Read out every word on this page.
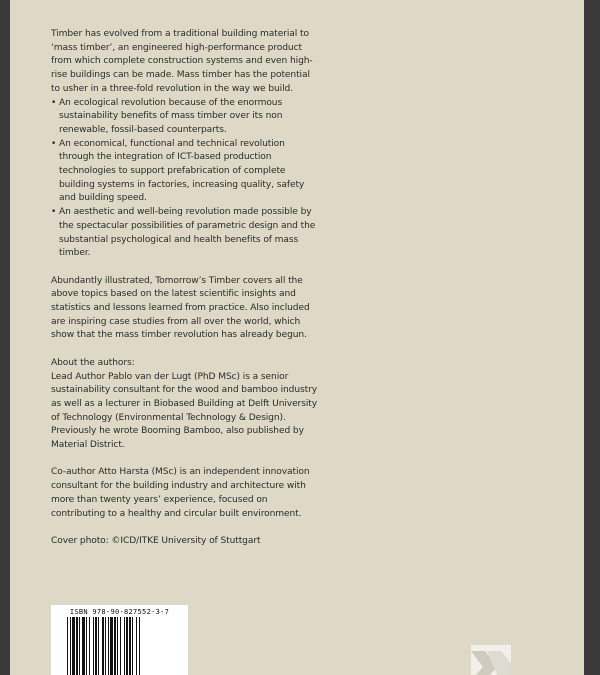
Timber has evolved from a traditional building material to ‘mass timber’, an engineered high-performance product from which complete construction systems and even high-rise buildings can be made. Mass timber has the potential to usher in a three-fold revolution in the way we build.

• An ecological revolution because of the enormous sustainability benefits of mass timber over its non renewable, fossil-based counterparts.
• An economical, functional and technical revolution through the integration of ICT-based production technologies to support prefabrication of complete building systems in factories, increasing quality, safety and building speed.
• An aesthetic and well-being revolution made possible by the spectacular possibilities of parametric design and the substantial psychological and health benefits of mass timber.

Abundantly illustrated, Tomorrow’s Timber covers all the above topics based on the latest scientific insights and statistics and lessons learned from practice. Also included are inspiring case studies from all over the world, which show that the mass timber revolution has already begun.

About the authors:

Lead Author Pablo van der Lugt (PhD MSc) is a senior sustainability consultant for the wood and bamboo industry as well as a lecturer in Biobased Building at Delft University of Technology (Environmental Technology & Design). Previously he wrote Booming Bamboo, also published by Material District.

Co-author Atto Harsta (MSc) is an independent innovation consultant for the building industry and architecture with more than twenty years’ experience, focused on contributing to a healthy and circular built environment.

Cover photo: ©ICD/ITKE University of Stuttgart

ISBN 978-90-827552-3-7
